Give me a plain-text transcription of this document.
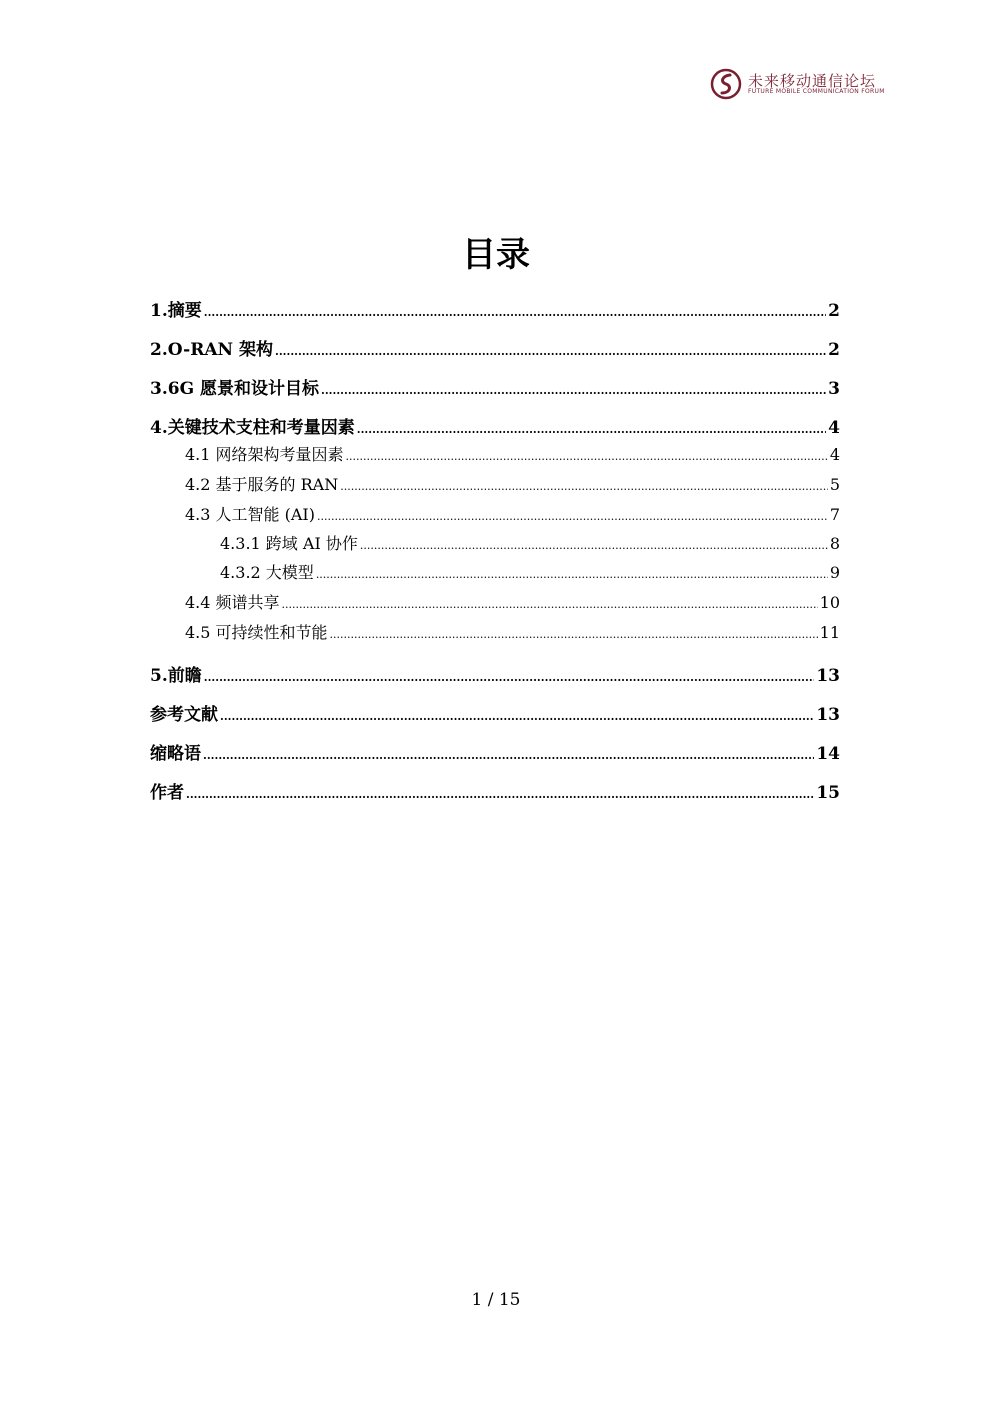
未来移动通信论坛
FUTURE MOBILE COMMUNICATION FORUM
目录
1.摘要 .....	2
2.O-RAN 架构 .....	2
3.6G 愿景和设计目标 .....	3
4.关键技术支柱和考量因素 .....	4
4.1 网络架构考量因素 .....	4
4.2 基于服务的 RAN .....	5
4.3 人工智能 (AI) .....	7
4.3.1 跨域 AI 协作 .....	8
4.3.2 大模型 .....	9
4.4 频谱共享 .....	10
4.5 可持续性和节能 .....	11
5.前瞻 .....	13
参考文献 .....	13
缩略语 .....	14
作者 .....	15
1 / 15
